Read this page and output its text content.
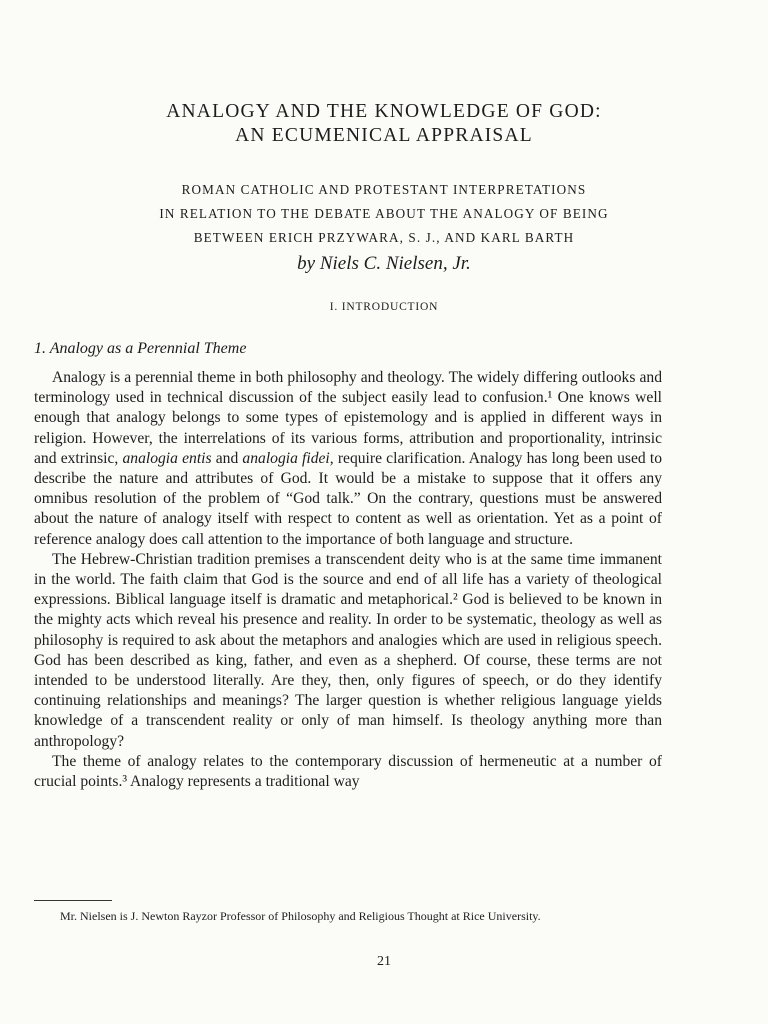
ANALOGY AND THE KNOWLEDGE OF GOD:
AN ECUMENICAL APPRAISAL
ROMAN CATHOLIC AND PROTESTANT INTERPRETATIONS
IN RELATION TO THE DEBATE ABOUT THE ANALOGY OF BEING
BETWEEN ERICH PRZYWARA, S. J., AND KARL BARTH
by Niels C. Nielsen, Jr.
I. INTRODUCTION
1. Analogy as a Perennial Theme

Analogy is a perennial theme in both philosophy and theology. The widely differing outlooks and terminology used in technical discussion of the subject easily lead to confusion.¹ One knows well enough that analogy belongs to some types of epistemology and is applied in different ways in religion. However, the interrelations of its various forms, attribution and proportionality, intrinsic and extrinsic, analogia entis and analogia fidei, require clarification. Analogy has long been used to describe the nature and attributes of God. It would be a mistake to suppose that it offers any omnibus resolution of the problem of “God talk.” On the contrary, questions must be answered about the nature of analogy itself with respect to content as well as orientation. Yet as a point of reference analogy does call attention to the importance of both language and structure.

The Hebrew-Christian tradition premises a transcendent deity who is at the same time immanent in the world. The faith claim that God is the source and end of all life has a variety of theological expressions. Biblical language itself is dramatic and metaphorical.² God is believed to be known in the mighty acts which reveal his presence and reality. In order to be systematic, theology as well as philosophy is required to ask about the metaphors and analogies which are used in religious speech. God has been described as king, father, and even as a shepherd. Of course, these terms are not intended to be understood literally. Are they, then, only figures of speech, or do they identify continuing relationships and meanings? The larger question is whether religious language yields knowledge of a transcendent reality or only of man himself. Is theology anything more than anthropology?

The theme of analogy relates to the contemporary discussion of hermeneutic at a number of crucial points.³ Analogy represents a traditional way

Mr. Nielsen is J. Newton Rayzor Professor of Philosophy and Religious Thought at Rice University.
21
